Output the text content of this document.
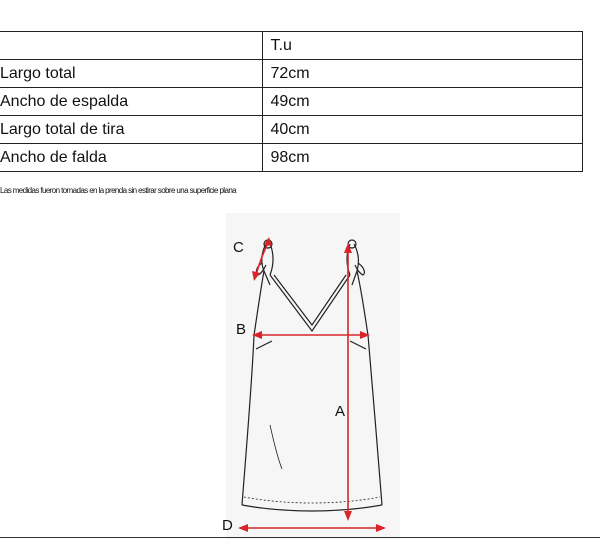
	T.u
Largo total	72cm
Ancho de espalda	49cm
Largo total de tira	40cm
Ancho de falda	98cm
Las medidas fueron tomadas en la prenda sin estirar sobre una superficie plana
C
B
A
D
